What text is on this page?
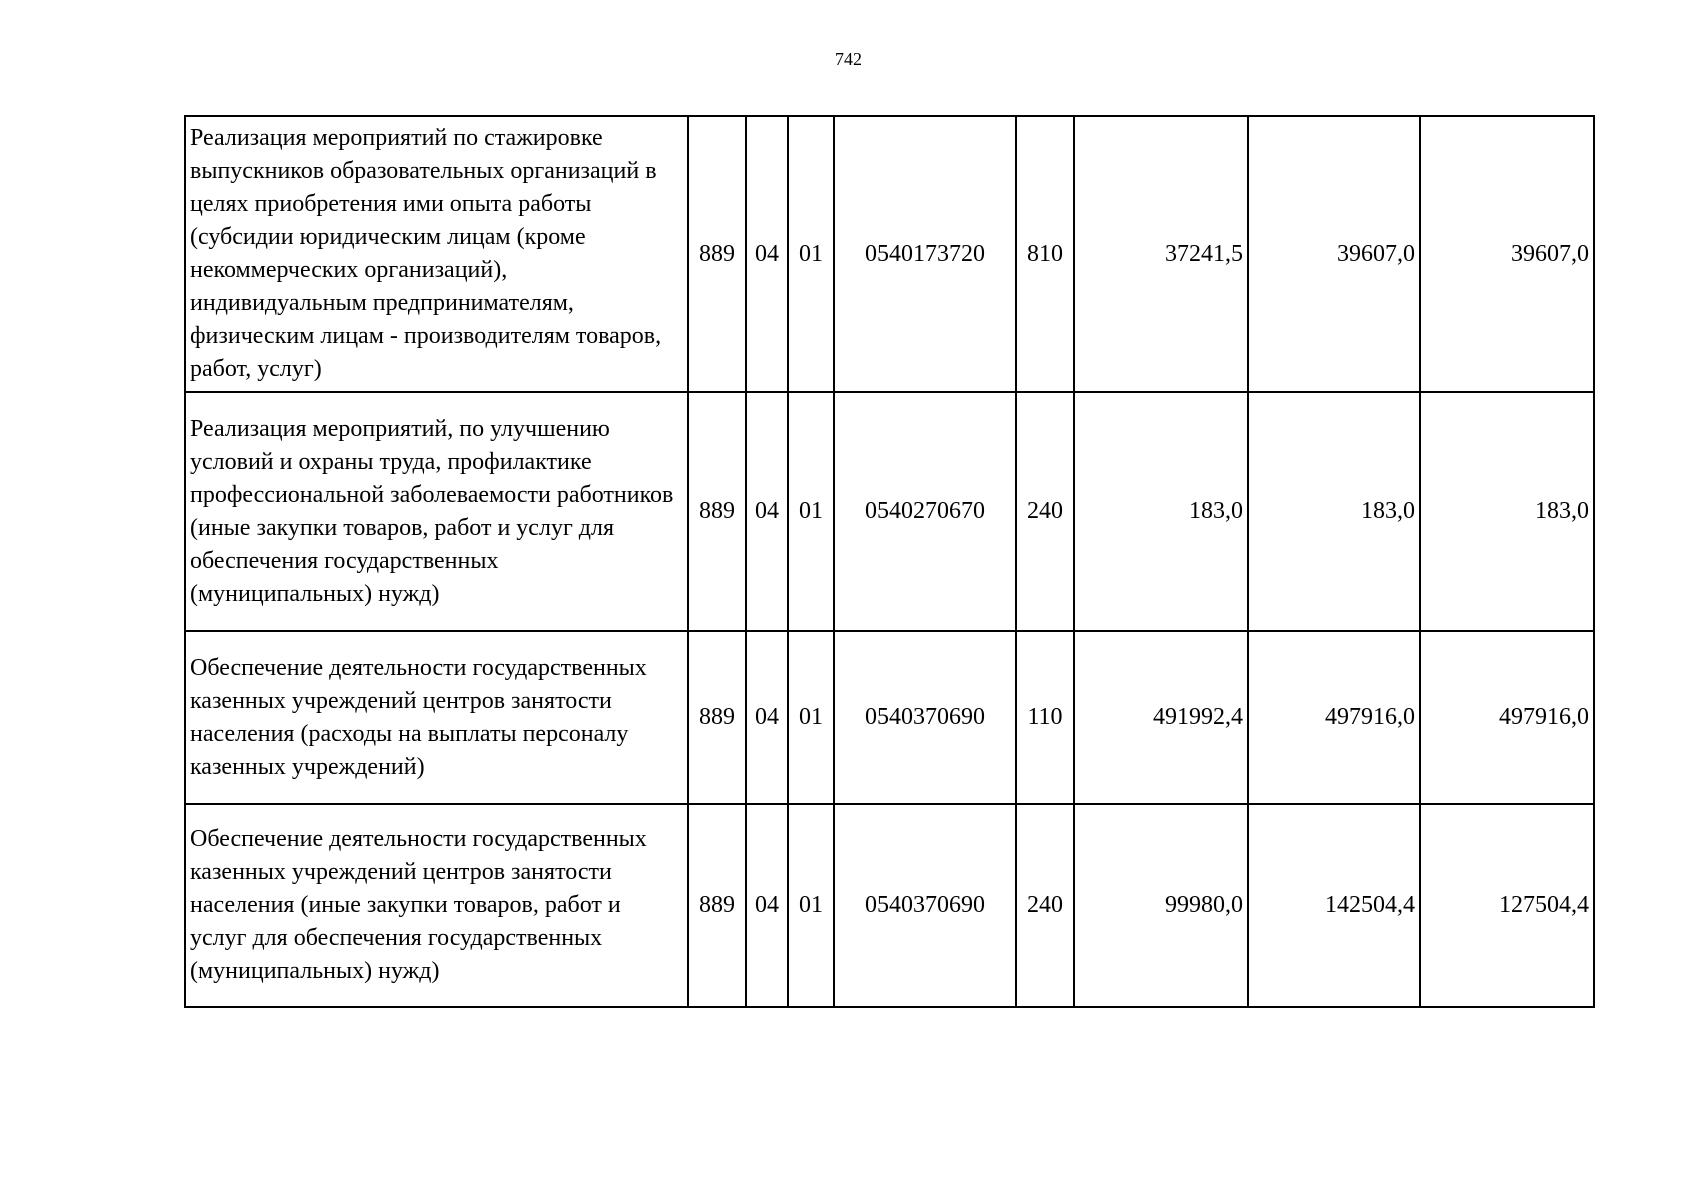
742
Реализация мероприятий по стажировке выпускников образовательных организаций в целях приобретения ими опыта работы (субсидии юридическим лицам (кроме некоммерческих организаций), индивидуальным предпринимателям, физическим лицам - производителям товаров, работ, услуг)	889	04	01	0540173720	810	37241,5	39607,0	39607,0
Реализация мероприятий, по улучшению условий и охраны труда, профилактике профессиональной заболеваемости работников (иные закупки товаров, работ и услуг для обеспечения государственных (муниципальных) нужд)	889	04	01	0540270670	240	183,0	183,0	183,0
Обеспечение деятельности государственных казенных учреждений центров занятости населения (расходы на выплаты персоналу казенных учреждений)	889	04	01	0540370690	110	491992,4	497916,0	497916,0
Обеспечение деятельности государственных казенных учреждений центров занятости населения (иные закупки товаров, работ и услуг для обеспечения государственных (муниципальных) нужд)	889	04	01	0540370690	240	99980,0	142504,4	127504,4
